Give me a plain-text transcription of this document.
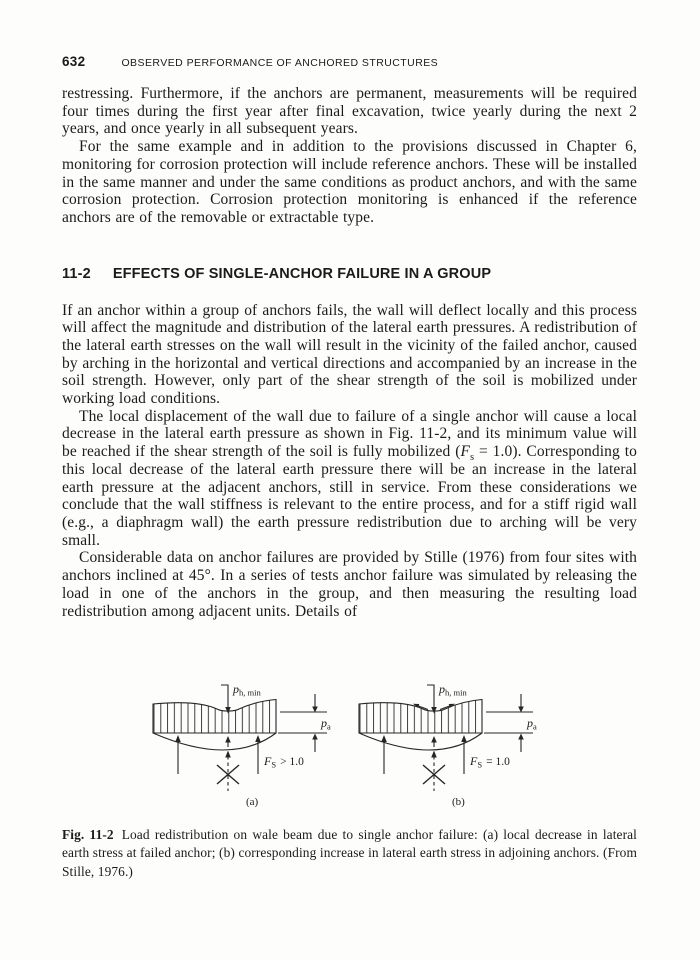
632	OBSERVED PERFORMANCE OF ANCHORED STRUCTURES

restressing. Furthermore, if the anchors are permanent, measurements will be required four times during the first year after final excavation, twice yearly during the next 2 years, and once yearly in all subsequent years.

For the same example and in addition to the provisions discussed in Chapter 6, monitoring for corrosion protection will include reference anchors. These will be installed in the same manner and under the same conditions as product anchors, and with the same corrosion protection. Corrosion protection monitoring is enhanced if the reference anchors are of the removable or extractable type.

11-2 EFFECTS OF SINGLE-ANCHOR FAILURE IN A GROUP

If an anchor within a group of anchors fails, the wall will deflect locally and this process will affect the magnitude and distribution of the lateral earth pressures. A redistribution of the lateral earth stresses on the wall will result in the vicinity of the failed anchor, caused by arching in the horizontal and vertical directions and accompanied by an increase in the soil strength. However, only part of the shear strength of the soil is mobilized under working load conditions.

The local displacement of the wall due to failure of a single anchor will cause a local decrease in the lateral earth pressure as shown in Fig. 11-2, and its minimum value will be reached if the shear strength of the soil is fully mobilized $(F_s = 1.0)$. Corresponding to this local decrease of the lateral earth pressure there will be an increase in the lateral earth pressure at the adjacent anchors, still in service. From these considerations we conclude that the wall stiffness is relevant to the entire process, and for a stiff rigid wall (e.g., a diaphragm wall) the earth pressure redistribution due to arching will be very small.

Considerable data on anchor failures are provided by Stille (1976) from four sites with anchors inclined at 45°. In a series of tests anchor failure was simulated by releasing the load in one of the anchors in the group, and then measuring the resulting load redistribution among adjacent units. Details of

$p_{h, min}$
$p_a$
$F_S > 1.0$
(a)
$p_{h, min}$
$p_a$
$F_S = 1.0$
(b)
Fig. 11-2 Load redistribution on wale beam due to single anchor failure: (a) local decrease in lateral earth stress at failed anchor; (b) corresponding increase in lateral earth stress in adjoining anchors. (From Stille, 1976.)
